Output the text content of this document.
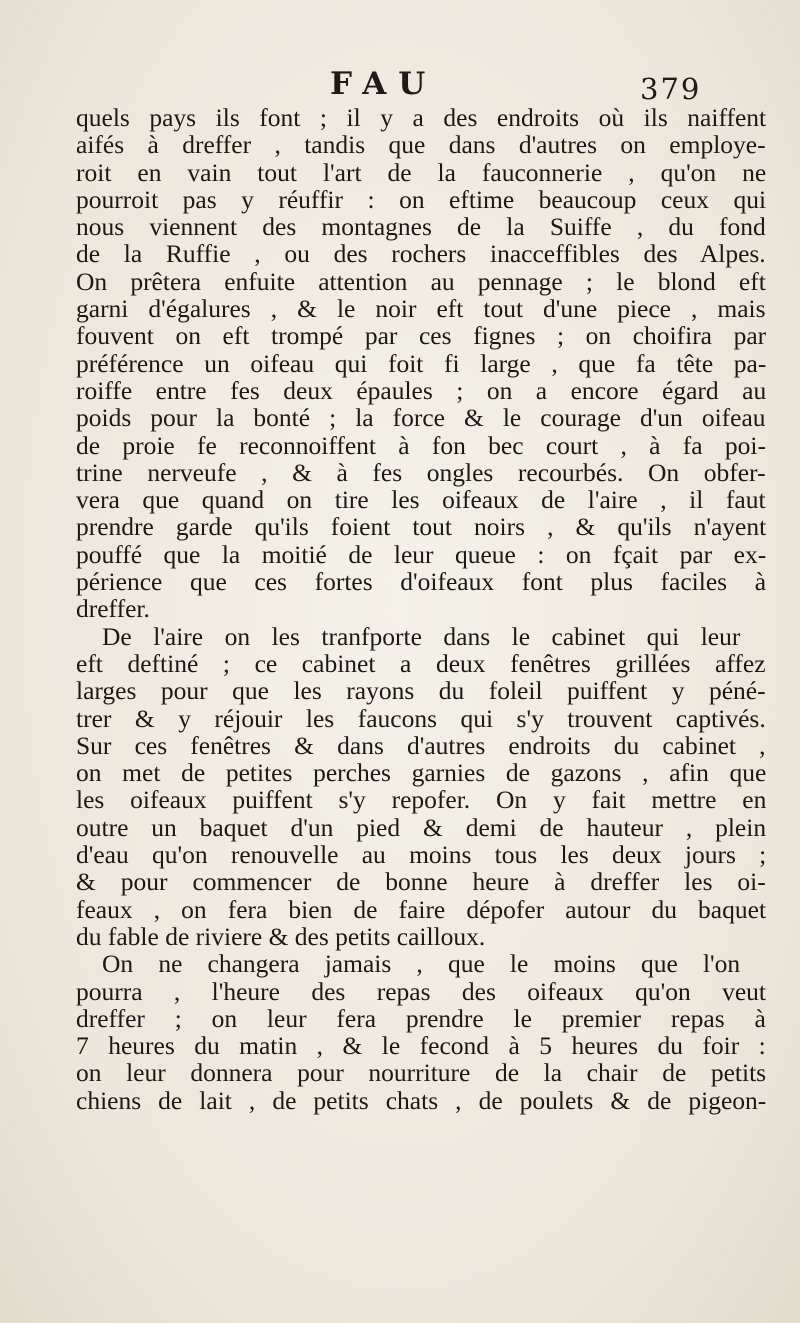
FAU	379
quels pays ils font ; il y a des endroits où ils naiffent
aifés à dreffer , tandis que dans d'autres on employe-
roit en vain tout l'art de la fauconnerie , qu'on ne
pourroit pas y réuffir : on eftime beaucoup ceux qui
nous viennent des montagnes de la Suiffe , du fond
de la Ruffie , ou des rochers inacceffibles des Alpes.
On prêtera enfuite attention au pennage ; le blond eft
garni d'égalures , & le noir eft tout d'une piece , mais
fouvent on eft trompé par ces fignes ; on choifira par
préférence un oifeau qui foit fi large , que fa tête pa-
roiffe entre fes deux épaules ; on a encore égard au
poids pour la bonté ; la force & le courage d'un oifeau
de proie fe reconnoiffent à fon bec court , à fa poi-
trine nerveufe , & à fes ongles recourbés. On obfer-
vera que quand on tire les oifeaux de l'aire , il faut
prendre garde qu'ils foient tout noirs , & qu'ils n'ayent
pouffé que la moitié de leur queue : on fçait par ex-
périence que ces fortes d'oifeaux font plus faciles à
dreffer.
De l'aire on les tranfporte dans le cabinet qui leur
eft deftiné ; ce cabinet a deux fenêtres grillées affez
larges pour que les rayons du foleil puiffent y péné-
trer & y réjouir les faucons qui s'y trouvent captivés.
Sur ces fenêtres & dans d'autres endroits du cabinet ,
on met de petites perches garnies de gazons , afin que
les oifeaux puiffent s'y repofer. On y fait mettre en
outre un baquet d'un pied & demi de hauteur , plein
d'eau qu'on renouvelle au moins tous les deux jours ;
& pour commencer de bonne heure à dreffer les oi-
feaux , on fera bien de faire dépofer autour du baquet
du fable de riviere & des petits cailloux.
On ne changera jamais , que le moins que l'on
pourra , l'heure des repas des oifeaux qu'on veut
dreffer ; on leur fera prendre le premier repas à
7 heures du matin , & le fecond à 5 heures du foir :
on leur donnera pour nourriture de la chair de petits
chiens de lait , de petits chats , de poulets & de pigeon-
